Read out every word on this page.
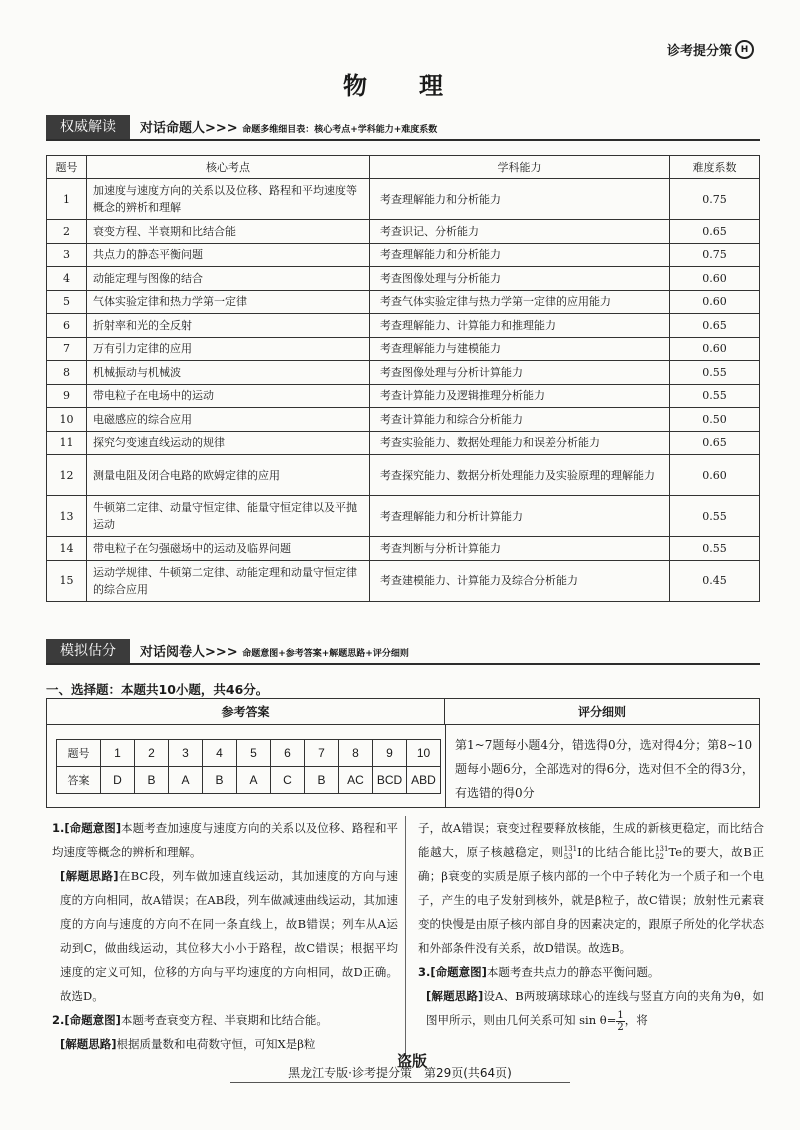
诊考提分策 H
物　理
权威解读	对话命题人>>> 命题多维细目表：核心考点+学科能力+难度系数
题号	核心考点	学科能力	难度系数
1	加速度与速度方向的关系以及位移、路程和平均速度等概念的辨析和理解	考查理解能力和分析能力	0.75
2	衰变方程、半衰期和比结合能	考查识记、分析能力	0.65
3	共点力的静态平衡问题	考查理解能力和分析能力	0.75
4	动能定理与图像的结合	考查图像处理与分析能力	0.60
5	气体实验定律和热力学第一定律	考查气体实验定律与热力学第一定律的应用能力	0.60
6	折射率和光的全反射	考查理解能力、计算能力和推理能力	0.65
7	万有引力定律的应用	考查理解能力与建模能力	0.60
8	机械振动与机械波	考查图像处理与分析计算能力	0.55
9	带电粒子在电场中的运动	考查计算能力及逻辑推理分析能力	0.55
10	电磁感应的综合应用	考查计算能力和综合分析能力	0.50
11	探究匀变速直线运动的规律	考查实验能力、数据处理能力和误差分析能力	0.65
12	测量电阻及闭合电路的欧姆定律的应用	考查探究能力、数据分析处理能力及实验原理的理解能力	0.60
13	牛顿第二定律、动量守恒定律、能量守恒定律以及平抛运动	考查理解能力和分析计算能力	0.55
14	带电粒子在匀强磁场中的运动及临界问题	考查判断与分析计算能力	0.55
15	运动学规律、牛顿第二定律、动能定理和动量守恒定律的综合应用	考查建模能力、计算能力及综合分析能力	0.45
模拟估分	对话阅卷人>>> 命题意图+参考答案+解题思路+评分细则
一、选择题：本题共10小题，共46分。
参考答案	评分细则
题号	1	2	3	4	5	6	7	8	9	10
答案	D	B	A	B	A	C	B	AC	BCD	ABD
第1~7题每小题4分，错选得0分，选对得4分；第8~10题每小题6分，全部选对的得6分，选对但不全的得3分，有选错的得0分

1.[命题意图]本题考查加速度与速度方向的关系以及位移、路程和平均速度等概念的辨析和理解。

[解题思路]在BC段，列车做加速直线运动，其加速度的方向与速度的方向相同，故A错误；在AB段，列车做减速曲线运动，其加速度的方向与速度的方向不在同一条直线上，故B错误；列车从A运动到C，做曲线运动，其位移大小小于路程，故C错误；根据平均速度的定义可知，位移的方向与平均速度的方向相同，故D正确。故选D。

2.[命题意图]本题考查衰变方程、半衰期和比结合能。

[解题思路]根据质量数和电荷数守恒，可知X是β粒

子，故A错误；衰变过程要释放核能，生成的新核更稳定，而比结合能越大，原子核越稳定，则 131
53 I的比结合能比 131
52 Te的要大，故B正确；β衰变的实质是原子核内部的一个中子转化为一个质子和一个电子，产生的电子发射到核外，就是β粒子，故C错误；放射性元素衰变的快慢是由原子核内部自身的因素决定的，跟原子所处的化学状态和外部条件没有关系，故D错误。故选B。

3.[命题意图]本题考查共点力的静态平衡问题。

[解题思路]设A、B两玻璃球球心的连线与竖直方向的夹角为θ，如图甲所示，则由几何关系可知 $\sin \theta= \frac{1}{2}$ ，将

盗版
黑龙江专版·诊考提分策　第29页(共64页)
